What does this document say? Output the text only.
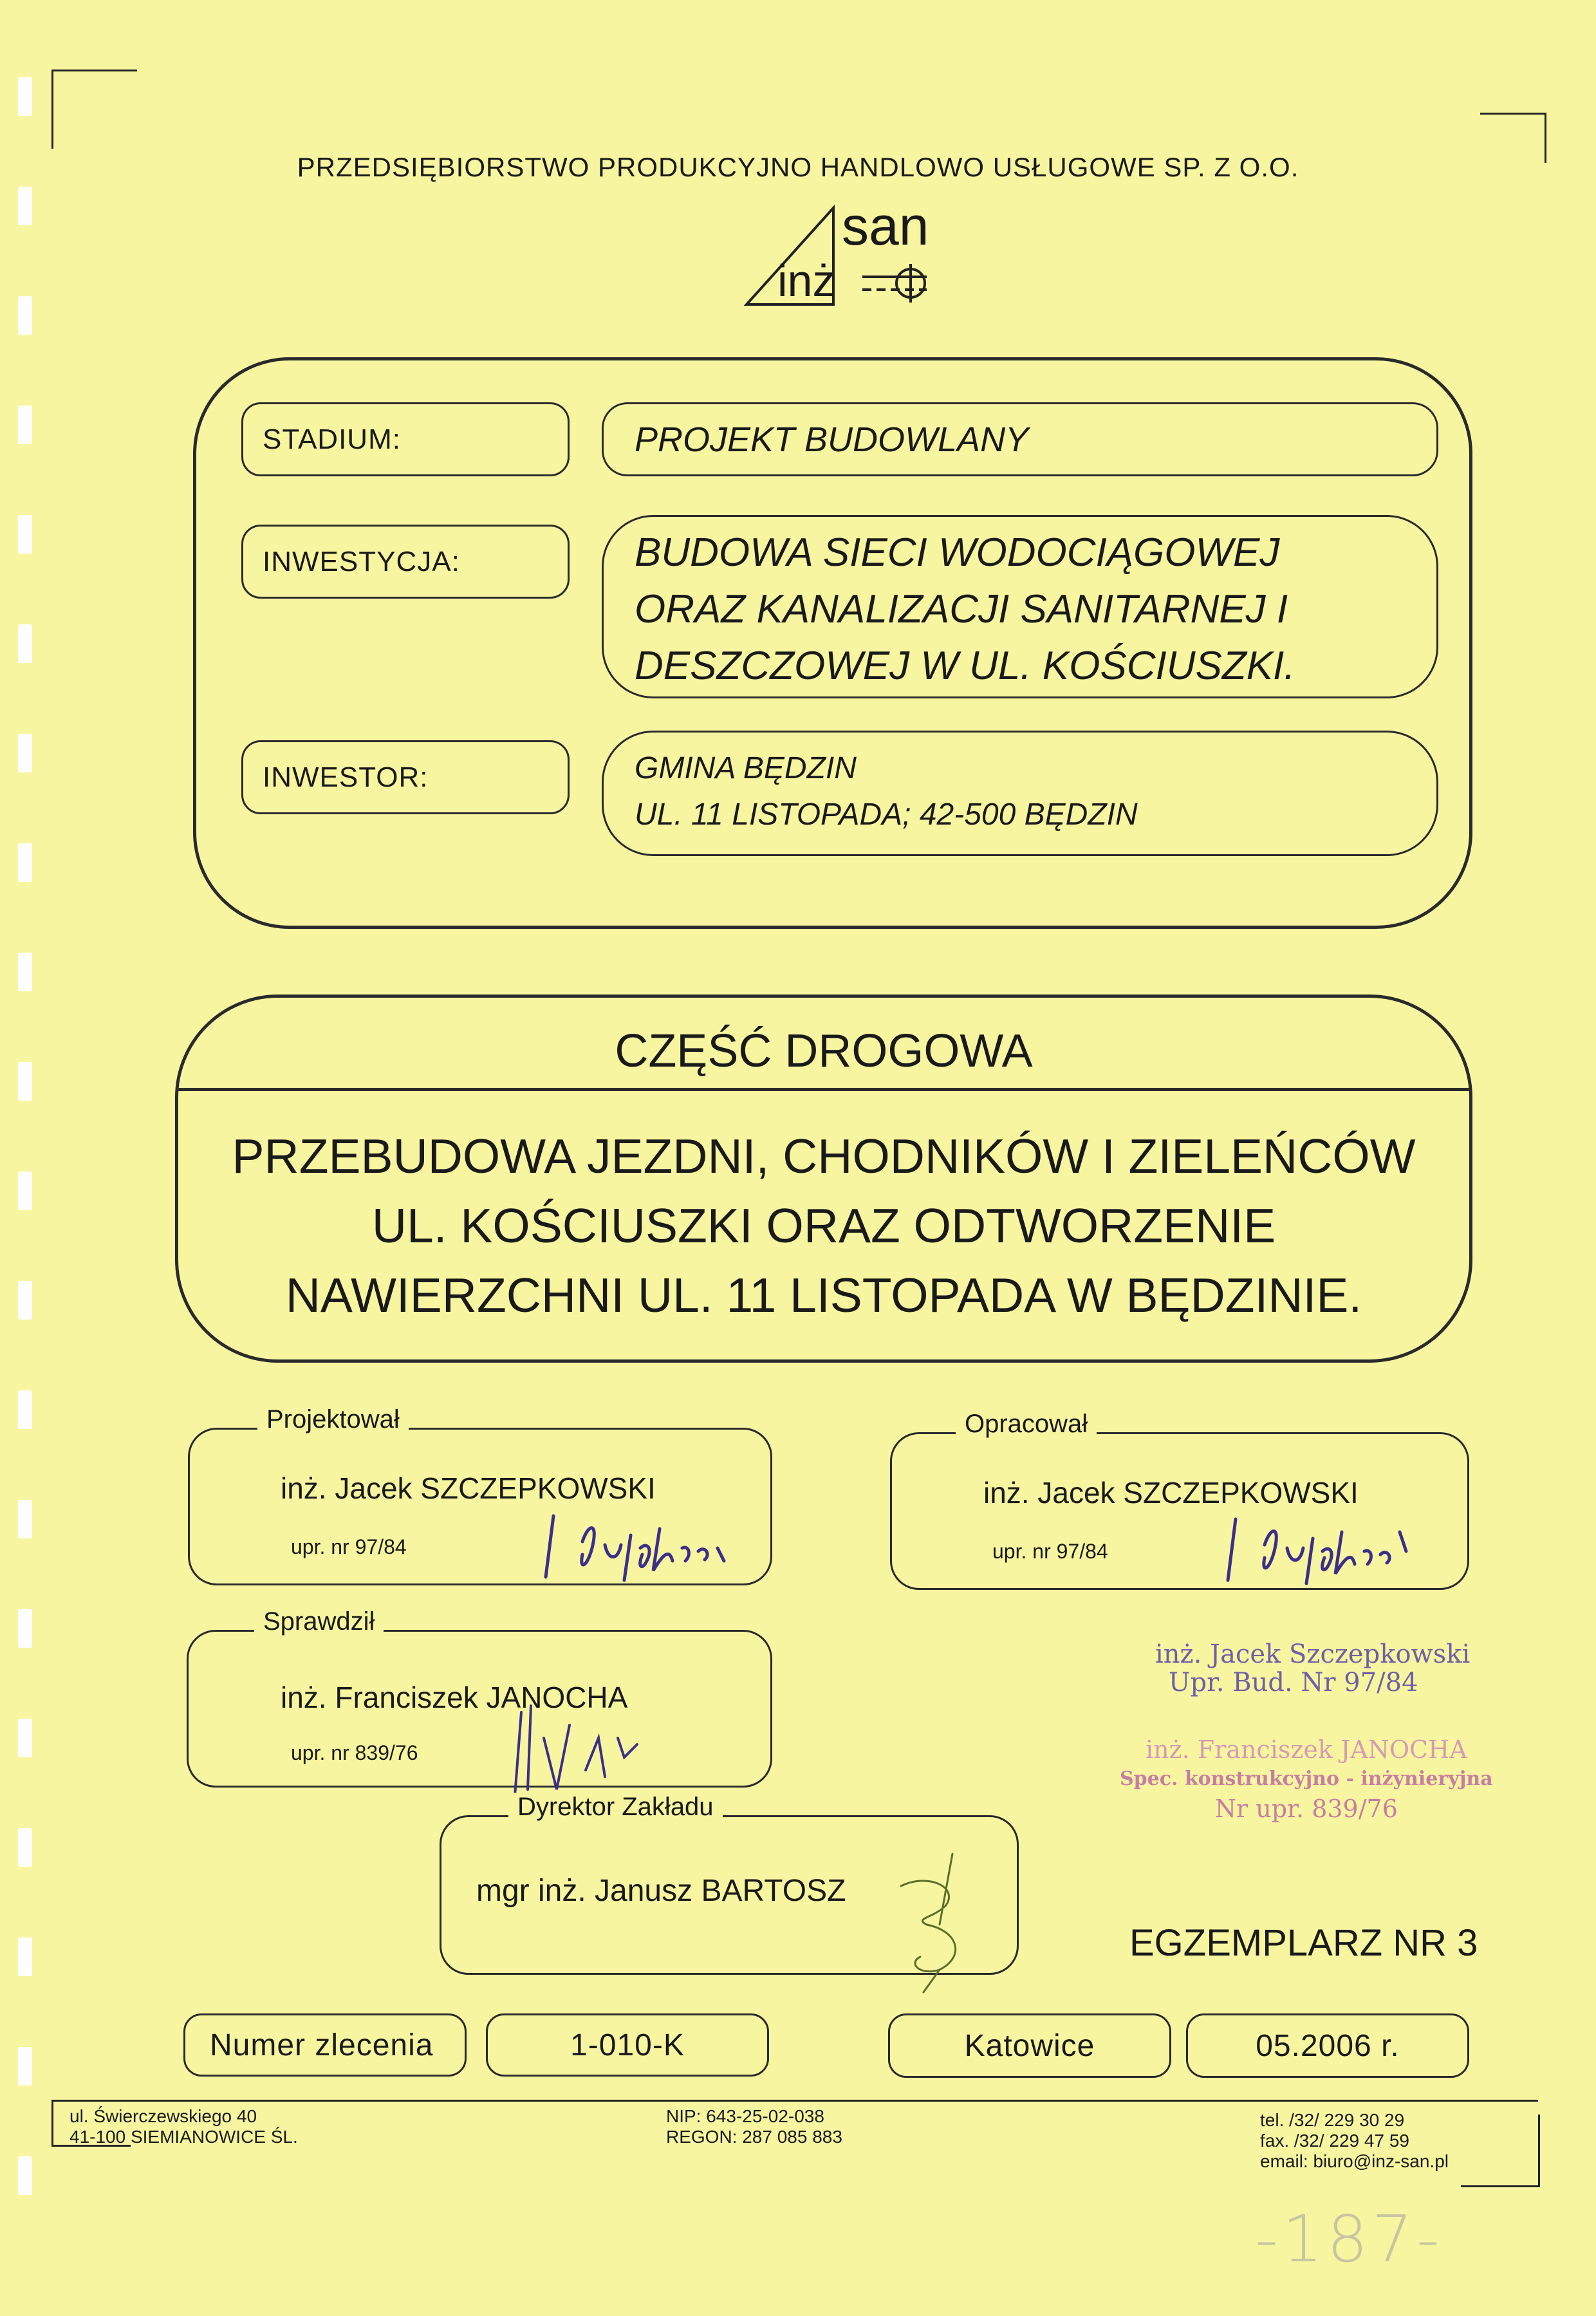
PRZEDSIĘBIORSTWO PRODUKCYJNO HANDLOWO USŁUGOWE SP. Z O.O.
san
inż
STADIUM:	PROJEKT BUDOWLANY
INWESTYCJA:	BUDOWA SIECI WODOCIĄGOWEJ
ORAZ KANALIZACJI SANITARNEJ I
DESZCZOWEJ W UL. KOŚCIUSZKI.
INWESTOR:	GMINA BĘDZIN
UL. 11 LISTOPADA; 42-500 BĘDZIN
CZĘŚĆ DROGOWA
PRZEBUDOWA JEZDNI, CHODNIKÓW I ZIELEŃCÓW
UL. KOŚCIUSZKI ORAZ ODTWORZENIE
NAWIERZCHNI UL. 11 LISTOPADA W BĘDZINIE.
Projektował
inż. Jacek SZCZEPKOWSKI
upr. nr 97/84
Opracował
inż. Jacek SZCZEPKOWSKI
upr. nr 97/84
inż. Jacek Szczepkowski
Upr. Bud. Nr 97/84
Sprawdził
inż. Franciszek JANOCHA
upr. nr 839/76	inż. Franciszek JANOCHA
Spec. konstrukcyjno - inżynieryjna
Nr upr. 839/76
Dyrektor Zakładu
mgr inż. Janusz BARTOSZ
EGZEMPLARZ NR 3
Numer zlecenia	1-010-K	Katowice	05.2006 r.
ul. Świerczewskiego 40
41-100 SIEMIANOWICE ŚL.
NIP: 643-25-02-038
REGON: 287 085 883
tel. /32/ 229 30 29
fax. /32/ 229 47 59
email: biuro@inz-san.pl
-187-
